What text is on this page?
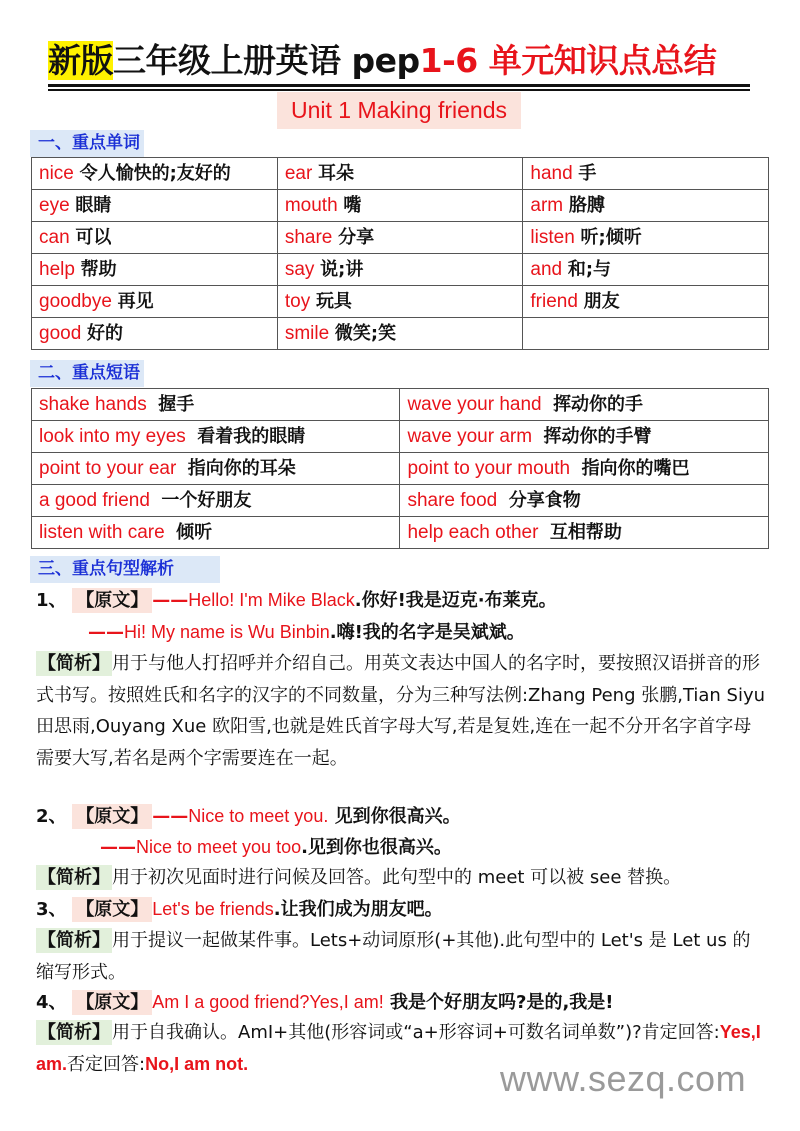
新版三年级上册英语 pep1-6 单元知识点总结
Unit 1 Making friends
一、重点单词
nice 令人愉快的;友好的	ear 耳朵	hand 手
eye 眼睛	mouth 嘴	arm 胳膊
can 可以	share 分享	listen 听;倾听
help 帮助	say 说;讲	and 和;与
goodbye 再见	toy 玩具	friend 朋友
good 好的	smile 微笑;笑	
二、重点短语
shake hands 握手	wave your hand 挥动你的手
look into my eyes 看着我的眼睛	wave your arm 挥动你的手臂
point to your ear 指向你的耳朵	point to your mouth 指向你的嘴巴
a good friend 一个好朋友	share food 分享食物
listen with care 倾听	help each other 互相帮助
三、重点句型解析
1、 【原文】 ——Hello! I'm Mike Black.你好!我是迈克·布莱克。
——Hi! My name is Wu Binbin.嗨!我的名字是吴斌斌。
【简析】 用于与他人打招呼并介绍自己。用英文表达中国人的名字时，要按照汉语拼音的形式书写。按照姓氏和名字的汉字的不同数量，分为三种写法例:Zhang Peng 张鹏,Tian Siyu 田思雨,Ouyang Xue 欧阳雪,也就是姓氏首字母大写,若是复姓,连在一起不分开名字首字母需要大写,若名是两个字需要连在一起。
2、 【原文】 ——Nice to meet you. 见到你很高兴。
——Nice to meet you too.见到你也很高兴。
【简析】 用于初次见面时进行问候及回答。此句型中的 meet 可以被 see 替换。
3、 【原文】 Let's be friends.让我们成为朋友吧。
【简析】 用于提议一起做某件事。Lets+动词原形(+其他).此句型中的 Let's 是 Let us 的缩写形式。
4、 【原文】 Am I a good friend?Yes,I am! 我是个好朋友吗?是的,我是!
【简析】 用于自我确认。AmI+其他(形容词或“a+形容词+可数名词单数”)?肯定回答:Yes,I am.否定回答:No,I am not.	www.sezq.com
